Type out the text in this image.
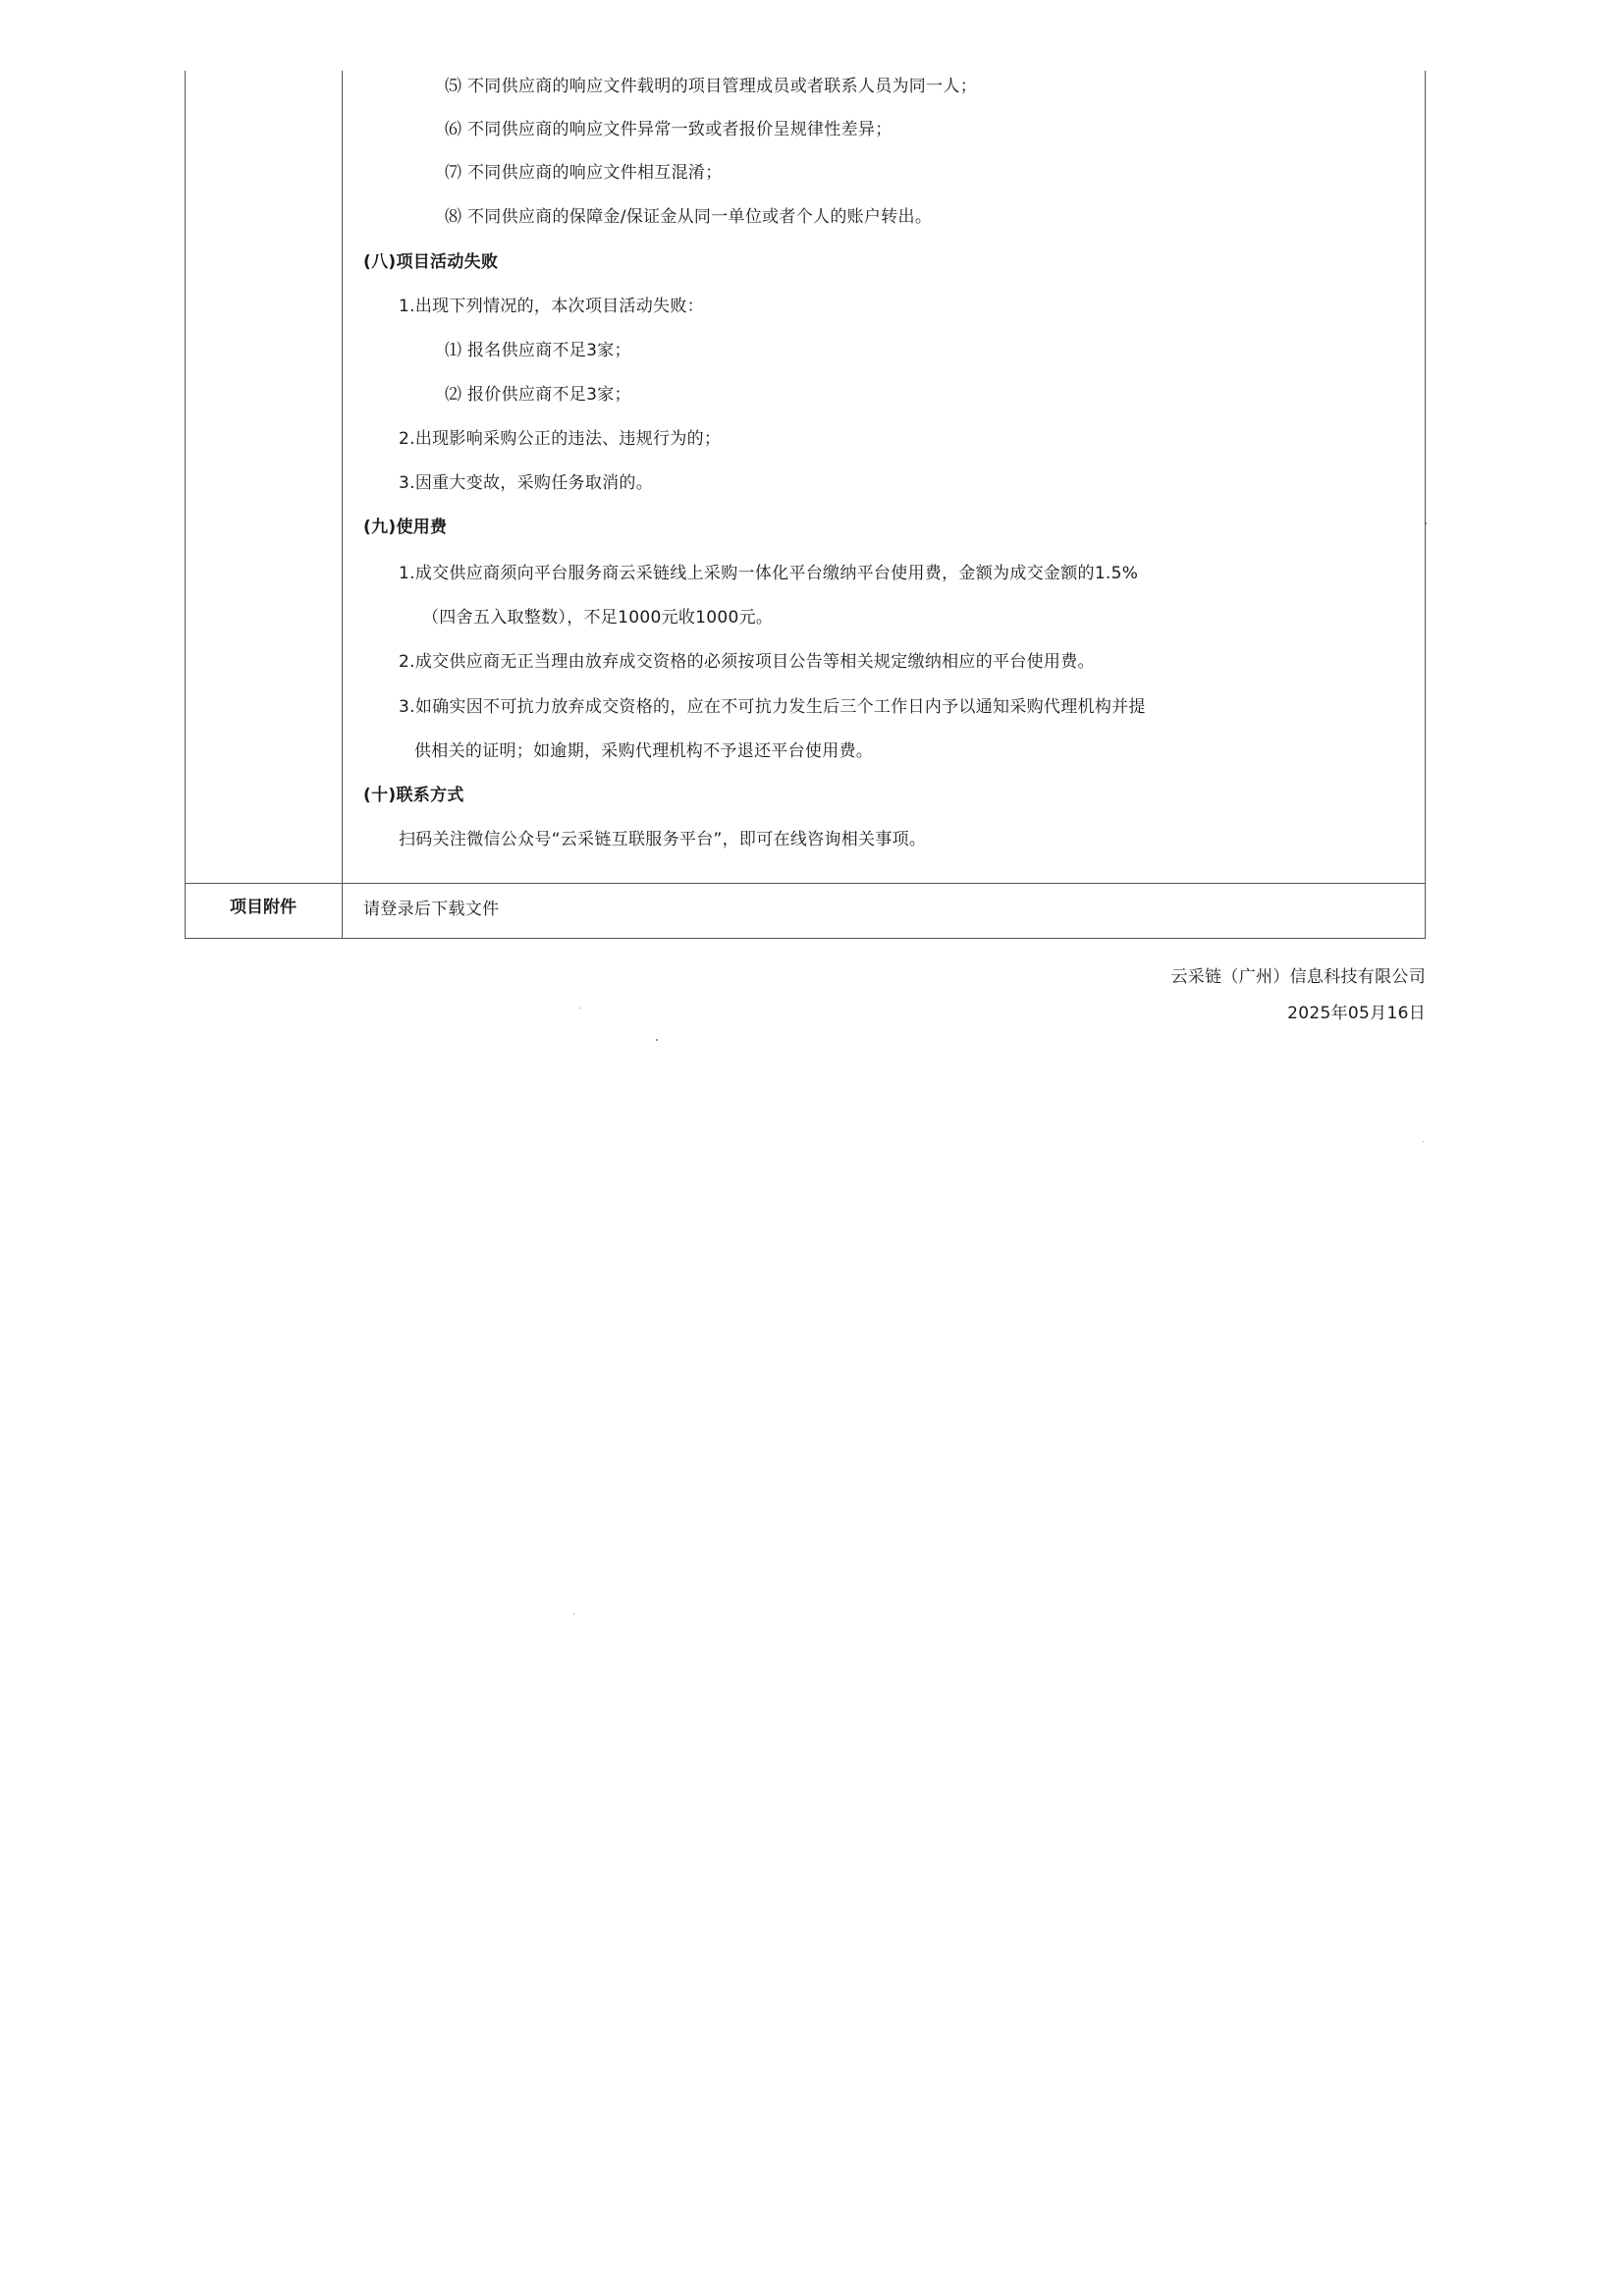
⑸ 不同供应商的响应文件载明的项目管理成员或者联系人员为同一人；
⑹ 不同供应商的响应文件异常一致或者报价呈规律性差异；
⑺ 不同供应商的响应文件相互混淆；
⑻ 不同供应商的保障金/保证金从同一单位或者个人的账户转出。
(八)项目活动失败
1.出现下列情况的，本次项目活动失败：
⑴ 报名供应商不足3家；
⑵ 报价供应商不足3家；
2.出现影响采购公正的违法、违规行为的；
3.因重大变故，采购任务取消的。
(九)使用费
1.成交供应商须向平台服务商云采链线上采购一体化平台缴纳平台使用费，金额为成交金额的1.5%
（四舍五入取整数），不足1000元收1000元。
2.成交供应商无正当理由放弃成交资格的必须按项目公告等相关规定缴纳相应的平台使用费。
3.如确实因不可抗力放弃成交资格的，应在不可抗力发生后三个工作日内予以通知采购代理机构并提
供相关的证明；如逾期，采购代理机构不予退还平台使用费。
(十)联系方式
扫码关注微信公众号“云采链互联服务平台”，即可在线咨询相关事项。
项目附件	请登录后下载文件
云采链（广州）信息科技有限公司
2025年05月16日
